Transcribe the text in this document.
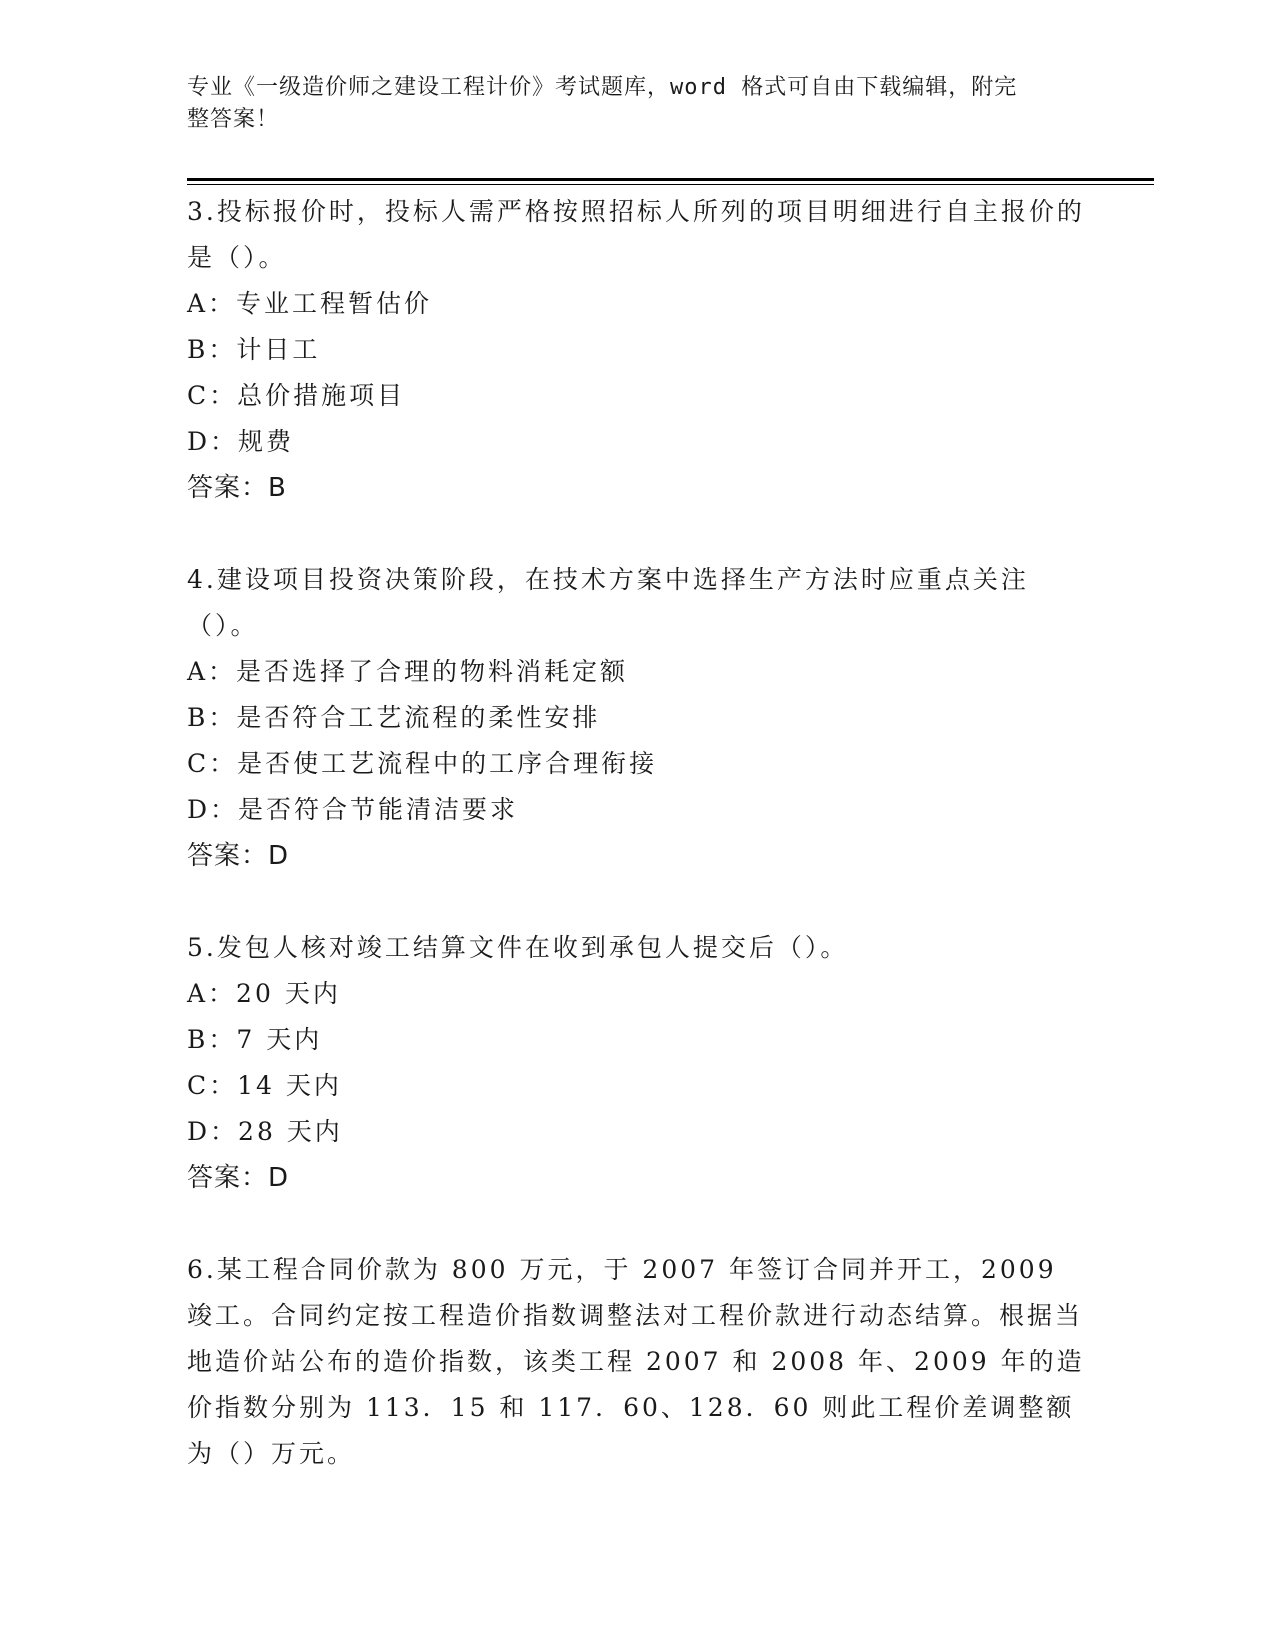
专业《一级造价师之建设工程计价》考试题库，word 格式可自由下载编辑，附完
整答案！
3.投标报价时，投标人需严格按照招标人所列的项目明细进行自主报价的是（）。
A：专业工程暂估价
B：计日工
C：总价措施项目
D：规费
答案：B
4.建设项目投资决策阶段，在技术方案中选择生产方法时应重点关注（）。
A：是否选择了合理的物料消耗定额
B：是否符合工艺流程的柔性安排
C：是否使工艺流程中的工序合理衔接
D：是否符合节能清洁要求
答案：D
5.发包人核对竣工结算文件在收到承包人提交后（）。
A：20 天内
B：7 天内
C：14 天内
D：28 天内
答案：D
6.某工程合同价款为 800 万元，于 2007 年签订合同并开工，2009 竣工。合同约定按工程造价指数调整法对工程价款进行动态结算。根据当地造价站公布的造价指数，该类工程 2007 和 2008 年、2009 年的造价指数分别为 113．15 和 117．60、128．60 则此工程价差调整额为（）万元。
